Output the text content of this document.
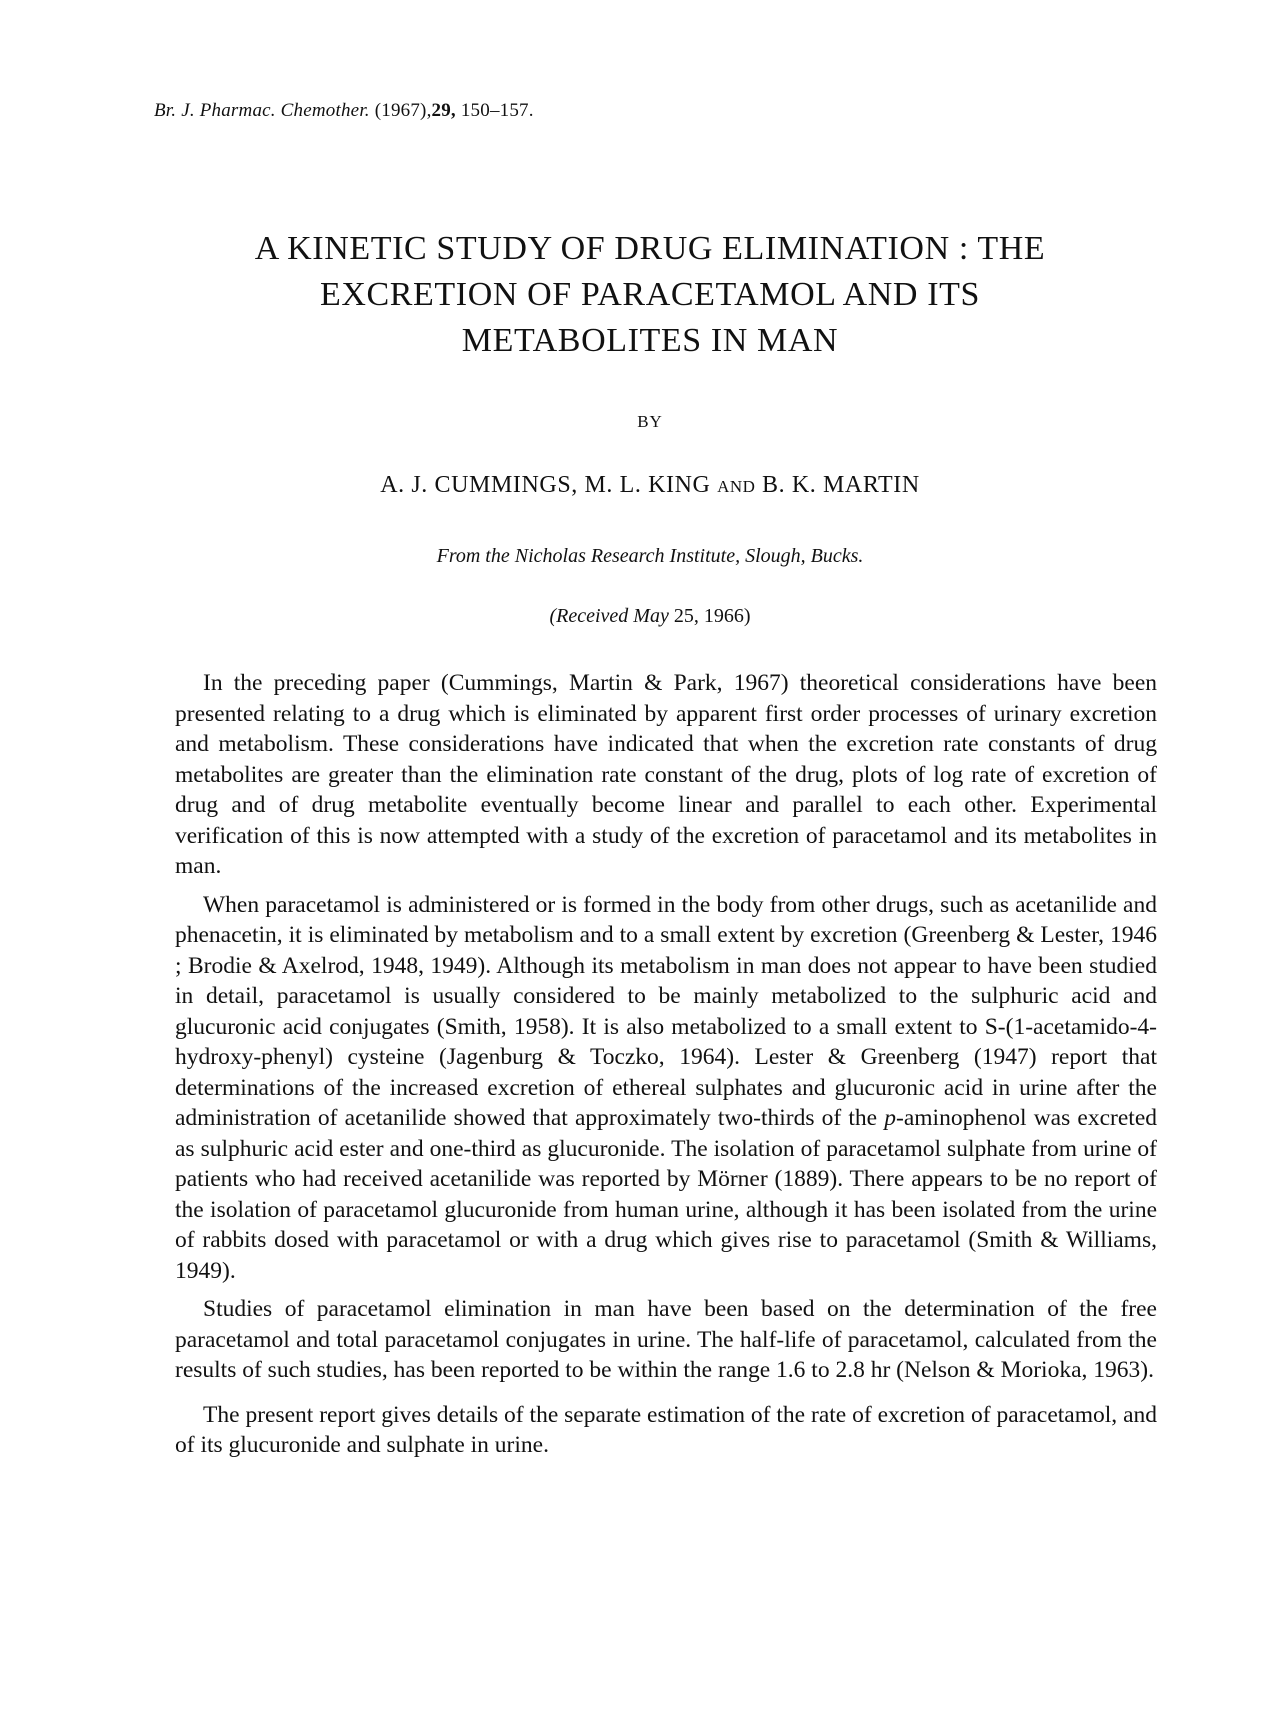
Br. J. Pharmac. Chemother. (1967),29, 150–157.
A KINETIC STUDY OF DRUG ELIMINATION : THE
EXCRETION OF PARACETAMOL AND ITS
METABOLITES IN MAN
BY
A. J. CUMMINGS, M. L. KING AND B. K. MARTIN
From the Nicholas Research Institute, Slough, Bucks.
(Received May 25, 1966)

In the preceding paper (Cummings, Martin & Park, 1967) theoretical considerations have been presented relating to a drug which is eliminated by apparent first order processes of urinary excretion and metabolism. These considerations have indicated that when the excretion rate constants of drug metabolites are greater than the elimination rate constant of the drug, plots of log rate of excretion of drug and of drug metabolite eventually become linear and parallel to each other. Experimental verification of this is now attempted with a study of the excretion of paracetamol and its metabolites in man.

When paracetamol is administered or is formed in the body from other drugs, such as acetanilide and phenacetin, it is eliminated by metabolism and to a small extent by excretion (Greenberg & Lester, 1946 ; Brodie & Axelrod, 1948, 1949). Although its metabolism in man does not appear to have been studied in detail, paracetamol is usually considered to be mainly metabolized to the sulphuric acid and glucuronic acid conjugates (Smith, 1958). It is also metabolized to a small extent to S-(1-acetamido-4-hydroxy-phenyl) cysteine (Jagenburg & Toczko, 1964). Lester & Greenberg (1947) report that determinations of the increased excretion of ethereal sulphates and glucuronic acid in urine after the administration of acetanilide showed that approximately two-thirds of the p-aminophenol was excreted as sulphuric acid ester and one-third as glucuronide. The isolation of paracetamol sulphate from urine of patients who had received acetanilide was reported by Mörner (1889). There appears to be no report of the isolation of paracetamol glucuronide from human urine, although it has been isolated from the urine of rabbits dosed with paracetamol or with a drug which gives rise to paracetamol (Smith & Williams, 1949).

Studies of paracetamol elimination in man have been based on the determination of the free paracetamol and total paracetamol conjugates in urine. The half-life of paracetamol, calculated from the results of such studies, has been reported to be within the range 1.6 to 2.8 hr (Nelson & Morioka, 1963).

The present report gives details of the separate estimation of the rate of excretion of paracetamol, and of its glucuronide and sulphate in urine.
